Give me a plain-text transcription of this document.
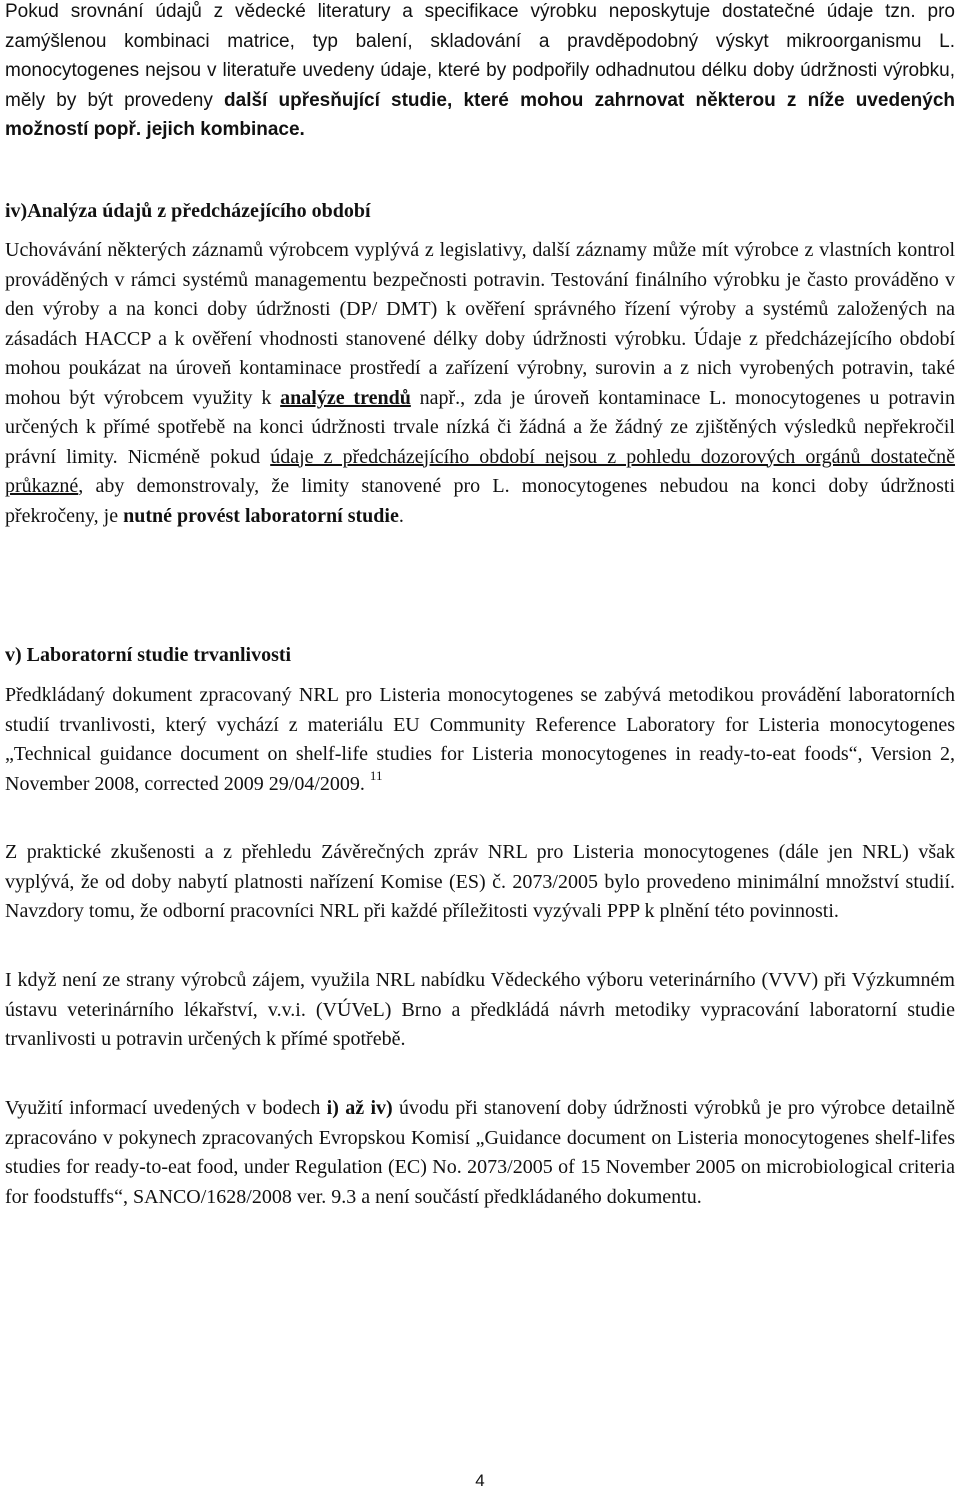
Pokud srovnání údajů z vědecké literatury a specifikace výrobku neposkytuje dostatečné údaje tzn. pro zamýšlenou kombinaci matrice, typ balení, skladování a pravděpodobný výskyt mikroorganismu L. monocytogenes nejsou v literatuře uvedeny údaje, které by podpořily odhadnutou délku doby údržnosti výrobku, měly by být provedeny další upřesňující studie, které mohou zahrnovat některou z níže uvedených možností popř. jejich kombinace.

iv)Analýza údajů z předcházejícího období

Uchovávání některých záznamů výrobcem vyplývá z legislativy, další záznamy může mít výrobce z vlastních kontrol prováděných v rámci systémů managementu bezpečnosti potravin. Testování finálního výrobku je často prováděno v den výroby a na konci doby údržnosti (DP/ DMT) k ověření správného řízení výroby a systémů založených na zásadách HACCP a k ověření vhodnosti stanovené délky doby údržnosti výrobku. Údaje z předcházejícího období mohou poukázat na úroveň kontaminace prostředí a zařízení výrobny, surovin a z nich vyrobených potravin, také mohou být výrobcem využity k analýze trendů např., zda je úroveň kontaminace L. monocytogenes u potravin určených k přímé spotřebě na konci údržnosti trvale nízká či žádná a že žádný ze zjištěných výsledků nepřekročil právní limity. Nicméně pokud údaje z předcházejícího období nejsou z pohledu dozorových orgánů dostatečně průkazné, aby demonstrovaly, že limity stanovené pro L. monocytogenes nebudou na konci doby údržnosti překročeny, je nutné provést laboratorní studie.

v) Laboratorní studie trvanlivosti

Předkládaný dokument zpracovaný NRL pro Listeria monocytogenes se zabývá metodikou provádění laboratorních studií trvanlivosti, který vychází z materiálu EU Community Reference Laboratory for Listeria monocytogenes „Technical guidance document on shelf-life studies for Listeria monocytogenes in ready-to-eat foods“, Version 2, November 2008, corrected 2009 29/04/2009. $^{11}$

Z praktické zkušenosti a z přehledu Závěrečných zpráv NRL pro Listeria monocytogenes (dále jen NRL) však vyplývá, že od doby nabytí platnosti nařízení Komise (ES) č. 2073/2005 bylo provedeno minimální množství studií. Navzdory tomu, že odborní pracovníci NRL při každé příležitosti vyzývali PPP k plnění této povinnosti.

I když není ze strany výrobců zájem, využila NRL nabídku Vědeckého výboru veterinárního (VVV) při Výzkumném ústavu veterinárního lékařství, v.v.i. (VÚVeL) Brno a předkládá návrh metodiky vypracování laboratorní studie trvanlivosti u potravin určených k přímé spotřebě.

Využití informací uvedených v bodech i) až iv) úvodu při stanovení doby údržnosti výrobků je pro výrobce detailně zpracováno v pokynech zpracovaných Evropskou Komisí „Guidance document on Listeria monocytogenes shelf-lifes studies for ready-to-eat food, under Regulation (EC) No. 2073/2005 of 15 November 2005 on microbiological criteria for foodstuffs“, SANCO/1628/2008 ver. 9.3 a není součástí předkládaného dokumentu.

4
